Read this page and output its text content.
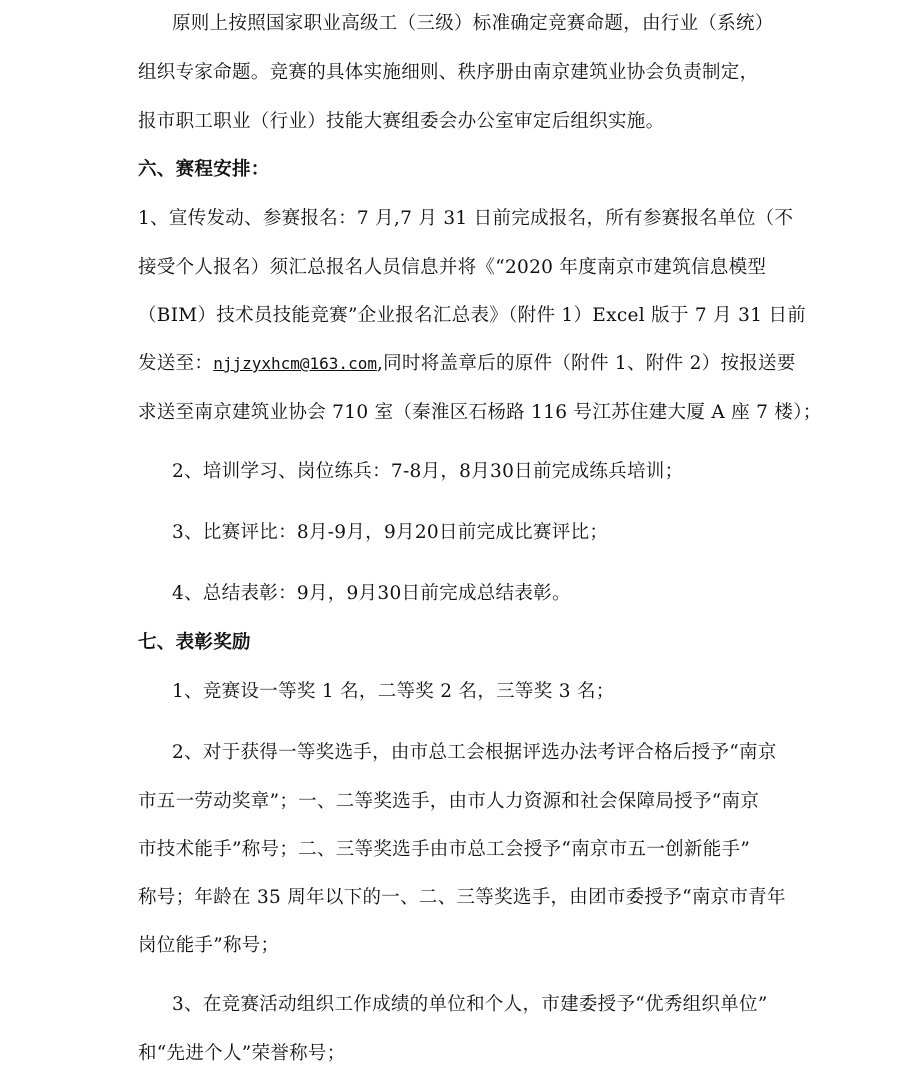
原则上按照国家职业高级工（三级）标准确定竞赛命题，由行业（系统）
组织专家命题。竞赛的具体实施细则、秩序册由南京建筑业协会负责制定，
报市职工职业（行业）技能大赛组委会办公室审定后组织实施。
六、赛程安排：
1、宣传发动、参赛报名：7 月,7 月 31 日前完成报名，所有参赛报名单位（不
接受个人报名）须汇总报名人员信息并将《“2020 年度南京市建筑信息模型
（BIM）技术员技能竞赛”企业报名汇总表》（附件 1）Excel 版于 7 月 31 日前
发送至：njjzyxhcm@163.com,同时将盖章后的原件（附件 1、附件 2）按报送要
求送至南京建筑业协会 710 室（秦淮区石杨路 116 号江苏住建大厦 A 座 7 楼）；
2、培训学习、岗位练兵：7-8月，8月30日前完成练兵培训；
3、比赛评比：8月-9月，9月20日前完成比赛评比；
4、总结表彰：9月，9月30日前完成总结表彰。
七、表彰奖励
1、竞赛设一等奖 1 名，二等奖 2 名，三等奖 3 名；
2、对于获得一等奖选手，由市总工会根据评选办法考评合格后授予“南京
市五一劳动奖章”；一、二等奖选手，由市人力资源和社会保障局授予“南京
市技术能手”称号；二、三等奖选手由市总工会授予“南京市五一创新能手”
称号；年龄在 35 周年以下的一、二、三等奖选手，由团市委授予“南京市青年
岗位能手”称号；
3、在竞赛活动组织工作成绩的单位和个人，市建委授予“优秀组织单位”
和“先进个人”荣誉称号；
